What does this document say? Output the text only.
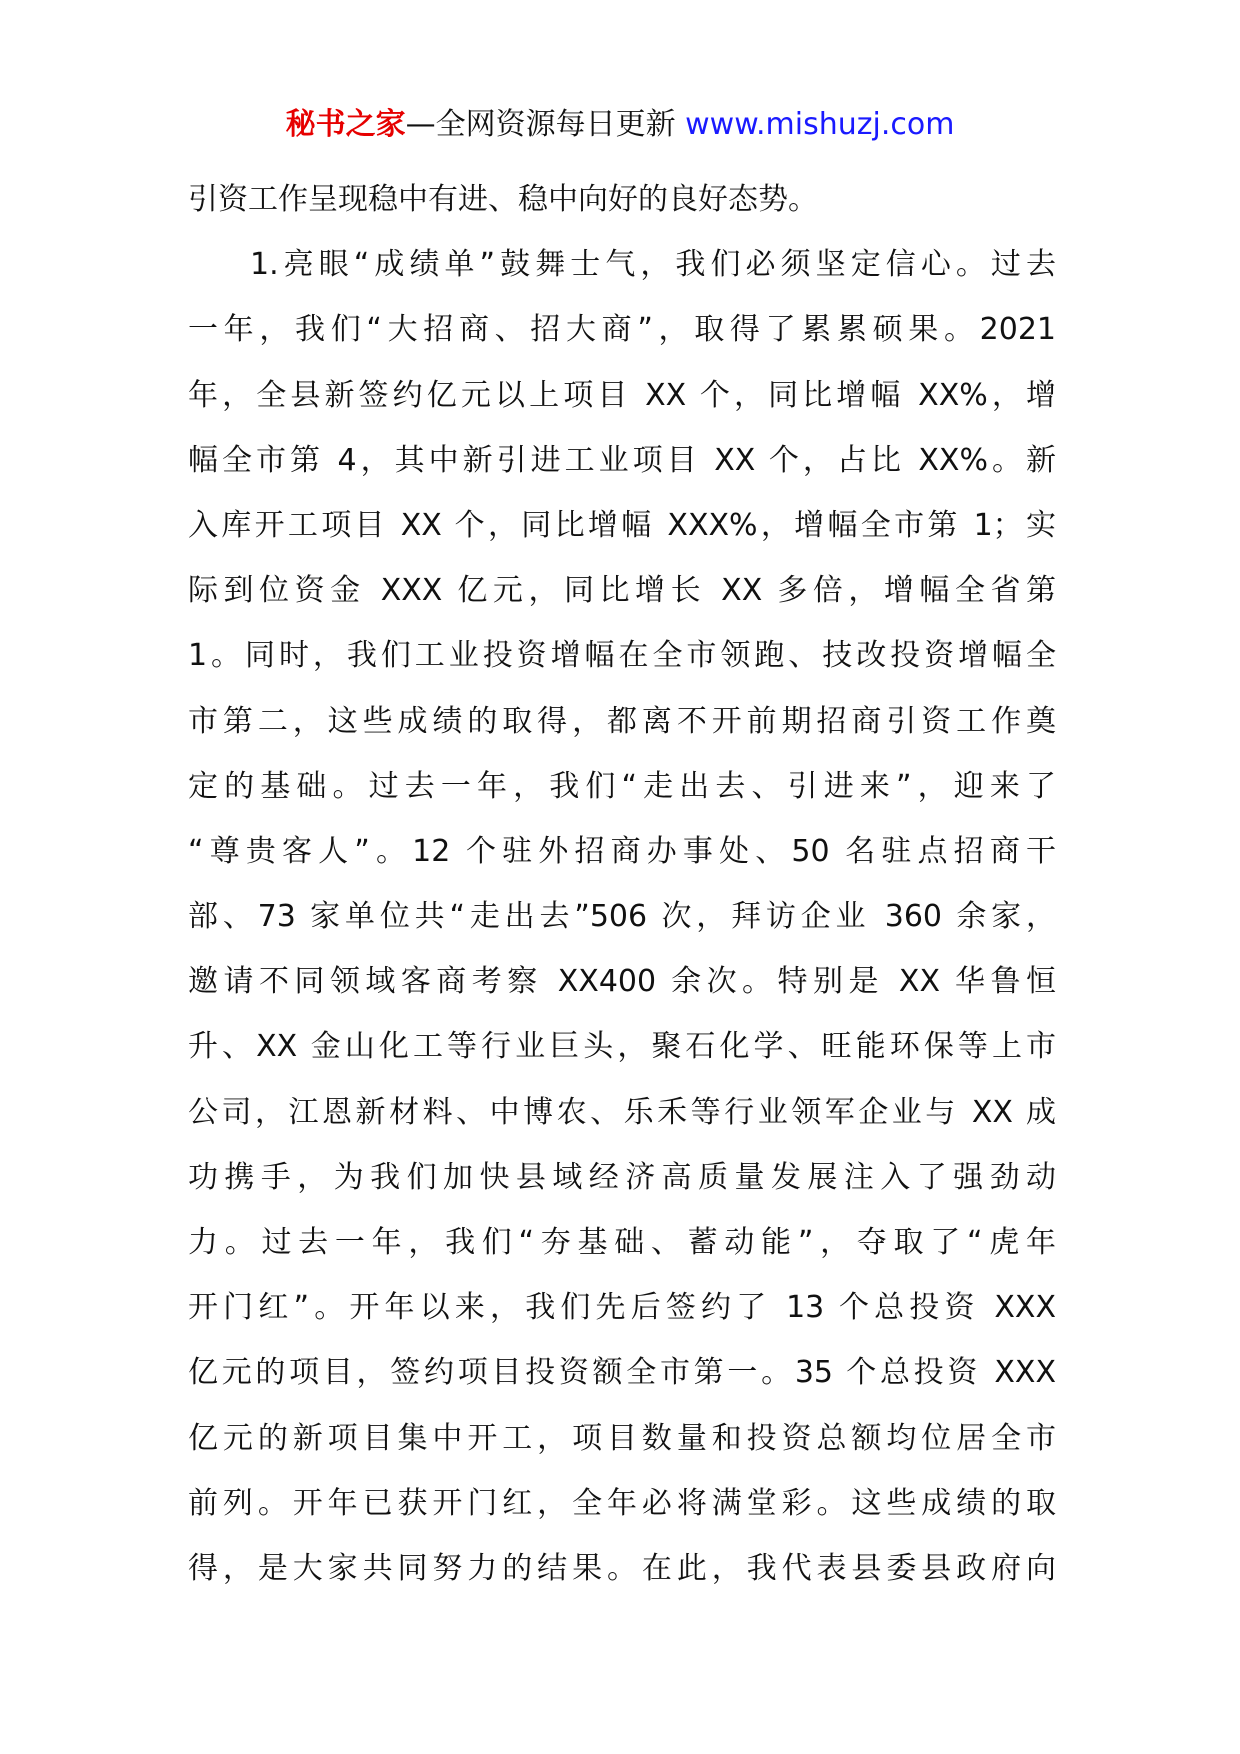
秘书之家—全网资源每日更新 www.mishuzj.com
引资工作呈现稳中有进、稳中向好的良好态势。
1.亮眼“成绩单”鼓舞士气，我们必须坚定信心。过去
一年，我们“大招商、招大商”，取得了累累硕果。2021
年，全县新签约亿元以上项目 XX 个，同比增幅 XX%，增
幅全市第 4，其中新引进工业项目 XX 个，占比 XX%。新
入库开工项目 XX 个，同比增幅 XXX%，增幅全市第 1；实
际到位资金 XXX 亿元，同比增长 XX 多倍，增幅全省第
1。同时，我们工业投资增幅在全市领跑、技改投资增幅全
市第二，这些成绩的取得，都离不开前期招商引资工作奠
定的基础。过去一年，我们“走出去、引进来”，迎来了
“尊贵客人”。12 个驻外招商办事处、50 名驻点招商干
部、73 家单位共“走出去”506 次，拜访企业 360 余家，
邀请不同领域客商考察 XX400 余次。特别是 XX 华鲁恒
升、XX 金山化工等行业巨头，聚石化学、旺能环保等上市
公司，江恩新材料、中博农、乐禾等行业领军企业与 XX 成
功携手，为我们加快县域经济高质量发展注入了强劲动
力。过去一年，我们“夯基础、蓄动能”，夺取了“虎年
开门红”。开年以来，我们先后签约了 13 个总投资 XXX
亿元的项目，签约项目投资额全市第一。35 个总投资 XXX
亿元的新项目集中开工，项目数量和投资总额均位居全市
前列。开年已获开门红，全年必将满堂彩。这些成绩的取
得，是大家共同努力的结果。在此，我代表县委县政府向
